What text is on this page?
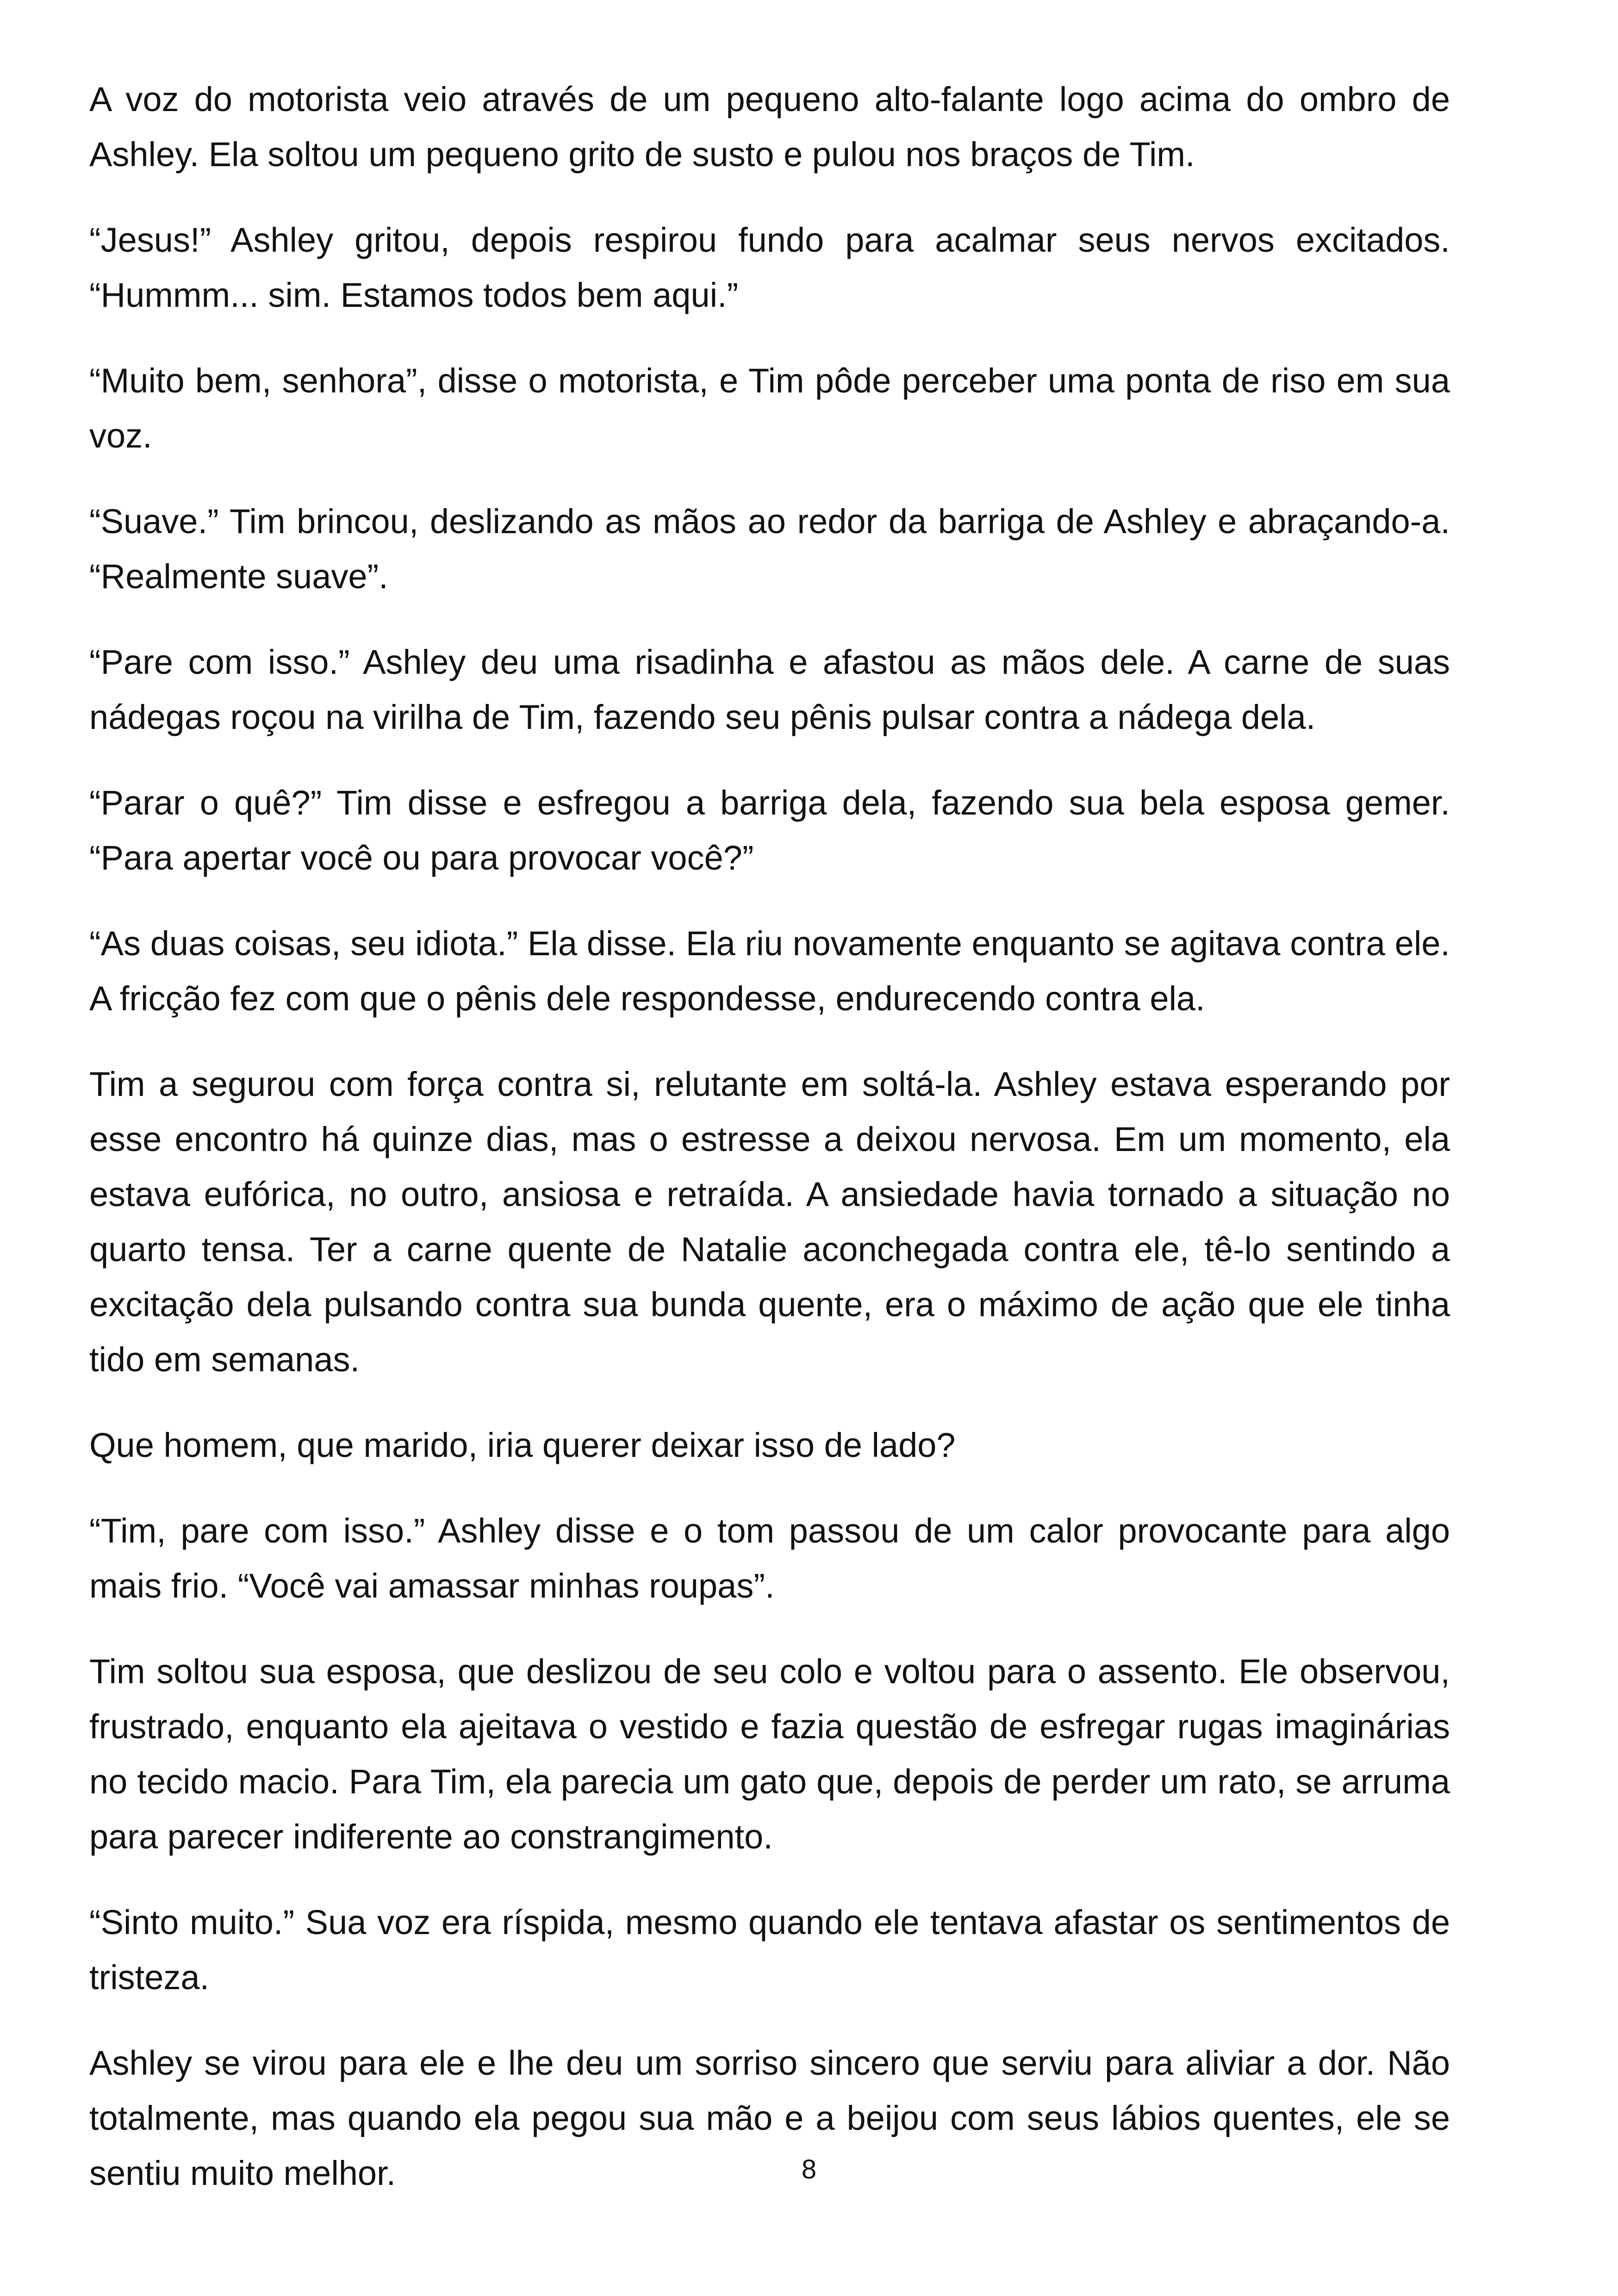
A voz do motorista veio através de um pequeno alto-falante logo acima do ombro de Ashley. Ela soltou um pequeno grito de susto e pulou nos braços de Tim.

“Jesus!” Ashley gritou, depois respirou fundo para acalmar seus nervos excitados. “Hummm... sim. Estamos todos bem aqui.”

“Muito bem, senhora”, disse o motorista, e Tim pôde perceber uma ponta de riso em sua voz.

“Suave.” Tim brincou, deslizando as mãos ao redor da barriga de Ashley e abraçando-a. “Realmente suave”.

“Pare com isso.” Ashley deu uma risadinha e afastou as mãos dele. A carne de suas nádegas roçou na virilha de Tim, fazendo seu pênis pulsar contra a nádega dela.

“Parar o quê?” Tim disse e esfregou a barriga dela, fazendo sua bela esposa gemer. “Para apertar você ou para provocar você?”

“As duas coisas, seu idiota.” Ela disse. Ela riu novamente enquanto se agitava contra ele. A fricção fez com que o pênis dele respondesse, endurecendo contra ela.

Tim a segurou com força contra si, relutante em soltá-la. Ashley estava esperando por esse encontro há quinze dias, mas o estresse a deixou nervosa. Em um momento, ela estava eufórica, no outro, ansiosa e retraída. A ansiedade havia tornado a situação no quarto tensa. Ter a carne quente de Natalie aconchegada contra ele, tê-lo sentindo a excitação dela pulsando contra sua bunda quente, era o máximo de ação que ele tinha tido em semanas.

Que homem, que marido, iria querer deixar isso de lado?

“Tim, pare com isso.” Ashley disse e o tom passou de um calor provocante para algo mais frio. “Você vai amassar minhas roupas”.

Tim soltou sua esposa, que deslizou de seu colo e voltou para o assento. Ele observou, frustrado, enquanto ela ajeitava o vestido e fazia questão de esfregar rugas imaginárias no tecido macio. Para Tim, ela parecia um gato que, depois de perder um rato, se arruma para parecer indiferente ao constrangimento.

“Sinto muito.” Sua voz era ríspida, mesmo quando ele tentava afastar os sentimentos de tristeza.

Ashley se virou para ele e lhe deu um sorriso sincero que serviu para aliviar a dor. Não totalmente, mas quando ela pegou sua mão e a beijou com seus lábios quentes, ele se sentiu muito melhor.	8
